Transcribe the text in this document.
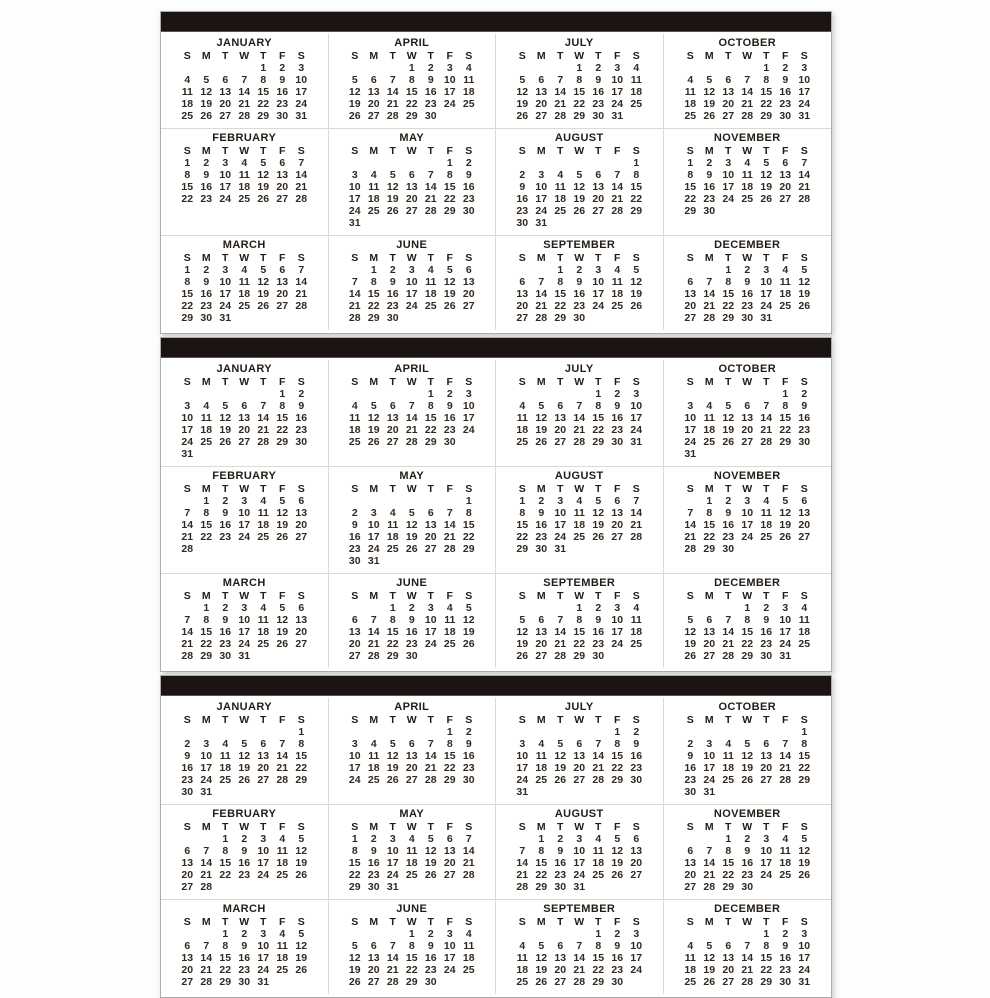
JANUARY
S	M	T	W	T	F	S
				1	2	3
4	5	6	7	8	9	10
11	12	13	14	15	16	17
18	19	20	21	22	23	24
25	26	27	28	29	30	31
APRIL
S	M	T	W	T	F	S
			1	2	3	4
5	6	7	8	9	10	11
12	13	14	15	16	17	18
19	20	21	22	23	24	25
26	27	28	29	30		
JULY
S	M	T	W	T	F	S
			1	2	3	4
5	6	7	8	9	10	11
12	13	14	15	16	17	18
19	20	21	22	23	24	25
26	27	28	29	30	31	
OCTOBER
S	M	T	W	T	F	S
				1	2	3
4	5	6	7	8	9	10
11	12	13	14	15	16	17
18	19	20	21	22	23	24
25	26	27	28	29	30	31
FEBRUARY
S	M	T	W	T	F	S
1	2	3	4	5	6	7
8	9	10	11	12	13	14
15	16	17	18	19	20	21
22	23	24	25	26	27	28
MAY
S	M	T	W	T	F	S
					1	2
3	4	5	6	7	8	9
10	11	12	13	14	15	16
17	18	19	20	21	22	23
24	25	26	27	28	29	30
31						
AUGUST
S	M	T	W	T	F	S
						1
2	3	4	5	6	7	8
9	10	11	12	13	14	15
16	17	18	19	20	21	22
23	24	25	26	27	28	29
30	31					
NOVEMBER
S	M	T	W	T	F	S
1	2	3	4	5	6	7
8	9	10	11	12	13	14
15	16	17	18	19	20	21
22	23	24	25	26	27	28
29	30					
MARCH
S	M	T	W	T	F	S
1	2	3	4	5	6	7
8	9	10	11	12	13	14
15	16	17	18	19	20	21
22	23	24	25	26	27	28
29	30	31				
JUNE
S	M	T	W	T	F	S
	1	2	3	4	5	6
7	8	9	10	11	12	13
14	15	16	17	18	19	20
21	22	23	24	25	26	27
28	29	30				
SEPTEMBER
S	M	T	W	T	F	S
		1	2	3	4	5
6	7	8	9	10	11	12
13	14	15	16	17	18	19
20	21	22	23	24	25	26
27	28	29	30			
DECEMBER
S	M	T	W	T	F	S
		1	2	3	4	5
6	7	8	9	10	11	12
13	14	15	16	17	18	19
20	21	22	23	24	25	26
27	28	29	30	31		
JANUARY
S	M	T	W	T	F	S
					1	2
3	4	5	6	7	8	9
10	11	12	13	14	15	16
17	18	19	20	21	22	23
24	25	26	27	28	29	30
31						
APRIL
S	M	T	W	T	F	S
				1	2	3
4	5	6	7	8	9	10
11	12	13	14	15	16	17
18	19	20	21	22	23	24
25	26	27	28	29	30	
JULY
S	M	T	W	T	F	S
				1	2	3
4	5	6	7	8	9	10
11	12	13	14	15	16	17
18	19	20	21	22	23	24
25	26	27	28	29	30	31
OCTOBER
S	M	T	W	T	F	S
					1	2
3	4	5	6	7	8	9
10	11	12	13	14	15	16
17	18	19	20	21	22	23
24	25	26	27	28	29	30
31						
FEBRUARY
S	M	T	W	T	F	S
	1	2	3	4	5	6
7	8	9	10	11	12	13
14	15	16	17	18	19	20
21	22	23	24	25	26	27
28						
MAY
S	M	T	W	T	F	S
						1
2	3	4	5	6	7	8
9	10	11	12	13	14	15
16	17	18	19	20	21	22
23	24	25	26	27	28	29
30	31					
AUGUST
S	M	T	W	T	F	S
1	2	3	4	5	6	7
8	9	10	11	12	13	14
15	16	17	18	19	20	21
22	23	24	25	26	27	28
29	30	31				
NOVEMBER
S	M	T	W	T	F	S
	1	2	3	4	5	6
7	8	9	10	11	12	13
14	15	16	17	18	19	20
21	22	23	24	25	26	27
28	29	30				
MARCH
S	M	T	W	T	F	S
	1	2	3	4	5	6
7	8	9	10	11	12	13
14	15	16	17	18	19	20
21	22	23	24	25	26	27
28	29	30	31			
JUNE
S	M	T	W	T	F	S
		1	2	3	4	5
6	7	8	9	10	11	12
13	14	15	16	17	18	19
20	21	22	23	24	25	26
27	28	29	30			
SEPTEMBER
S	M	T	W	T	F	S
			1	2	3	4
5	6	7	8	9	10	11
12	13	14	15	16	17	18
19	20	21	22	23	24	25
26	27	28	29	30		
DECEMBER
S	M	T	W	T	F	S
			1	2	3	4
5	6	7	8	9	10	11
12	13	14	15	16	17	18
19	20	21	22	23	24	25
26	27	28	29	30	31	
JANUARY
S	M	T	W	T	F	S
						1
2	3	4	5	6	7	8
9	10	11	12	13	14	15
16	17	18	19	20	21	22
23	24	25	26	27	28	29
30	31					
APRIL
S	M	T	W	T	F	S
					1	2
3	4	5	6	7	8	9
10	11	12	13	14	15	16
17	18	19	20	21	22	23
24	25	26	27	28	29	30
JULY
S	M	T	W	T	F	S
					1	2
3	4	5	6	7	8	9
10	11	12	13	14	15	16
17	18	19	20	21	22	23
24	25	26	27	28	29	30
31						
OCTOBER
S	M	T	W	T	F	S
						1
2	3	4	5	6	7	8
9	10	11	12	13	14	15
16	17	18	19	20	21	22
23	24	25	26	27	28	29
30	31					
FEBRUARY
S	M	T	W	T	F	S
		1	2	3	4	5
6	7	8	9	10	11	12
13	14	15	16	17	18	19
20	21	22	23	24	25	26
27	28					
MAY
S	M	T	W	T	F	S
1	2	3	4	5	6	7
8	9	10	11	12	13	14
15	16	17	18	19	20	21
22	23	24	25	26	27	28
29	30	31				
AUGUST
S	M	T	W	T	F	S
	1	2	3	4	5	6
7	8	9	10	11	12	13
14	15	16	17	18	19	20
21	22	23	24	25	26	27
28	29	30	31			
NOVEMBER
S	M	T	W	T	F	S
		1	2	3	4	5
6	7	8	9	10	11	12
13	14	15	16	17	18	19
20	21	22	23	24	25	26
27	28	29	30			
MARCH
S	M	T	W	T	F	S
		1	2	3	4	5
6	7	8	9	10	11	12
13	14	15	16	17	18	19
20	21	22	23	24	25	26
27	28	29	30	31		
JUNE
S	M	T	W	T	F	S
			1	2	3	4
5	6	7	8	9	10	11
12	13	14	15	16	17	18
19	20	21	22	23	24	25
26	27	28	29	30		
SEPTEMBER
S	M	T	W	T	F	S
				1	2	3
4	5	6	7	8	9	10
11	12	13	14	15	16	17
18	19	20	21	22	23	24
25	26	27	28	29	30	
DECEMBER
S	M	T	W	T	F	S
				1	2	3
4	5	6	7	8	9	10
11	12	13	14	15	16	17
18	19	20	21	22	23	24
25	26	27	28	29	30	31
